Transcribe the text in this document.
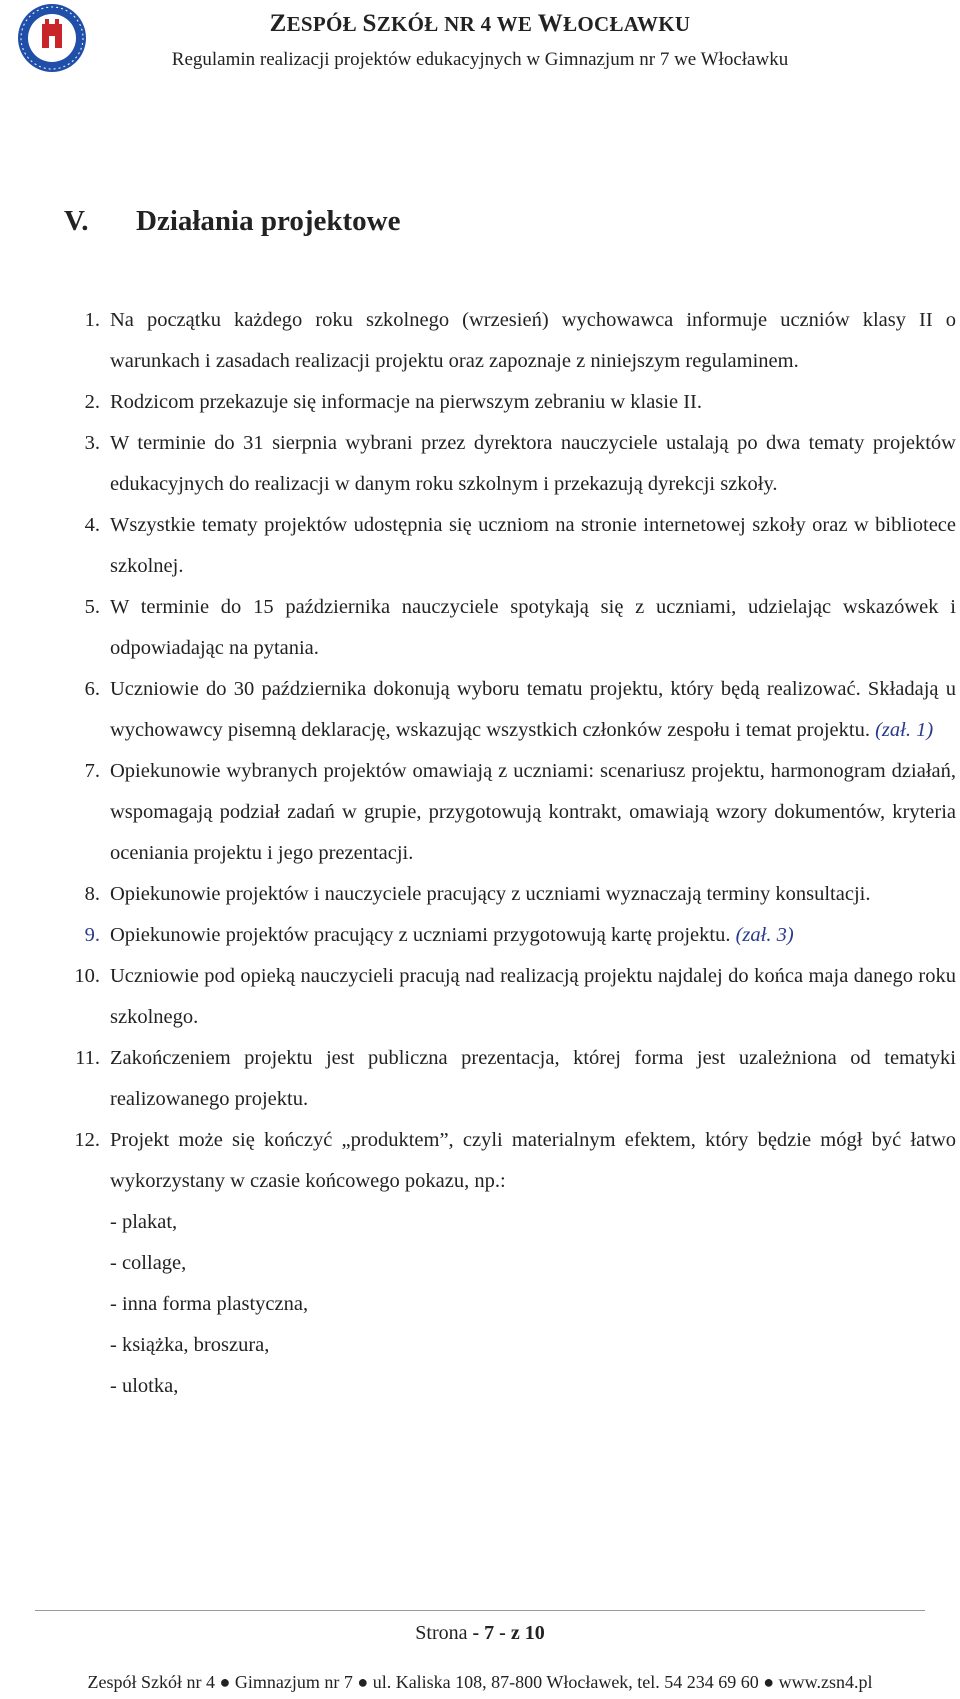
ZESPÓŁ SZKÓŁ NR 4 WE WŁOCŁAWKU
Regulamin realizacji projektów edukacyjnych w Gimnazjum nr 7 we Włocławku
V. Działania projektowe
1. Na początku każdego roku szkolnego (wrzesień) wychowawca informuje uczniów klasy II o warunkach i zasadach realizacji projektu oraz zapoznaje z niniejszym regulaminem.
2. Rodzicom przekazuje się informacje na pierwszym zebraniu w klasie II.
3. W terminie do 31 sierpnia wybrani przez dyrektora nauczyciele ustalają po dwa tematy projektów edukacyjnych do realizacji w danym roku szkolnym i przekazują dyrekcji szkoły.
4. Wszystkie tematy projektów udostępnia się uczniom na stronie internetowej szkoły oraz w bibliotece szkolnej.
5. W terminie do 15 października nauczyciele spotykają się z uczniami, udzielając wskazówek i odpowiadając na pytania.
6. Uczniowie do 30 października dokonują wyboru tematu projektu, który będą realizować. Składają u wychowawcy pisemną deklarację, wskazując wszystkich członków zespołu i temat projektu. (zał. 1)
7. Opiekunowie wybranych projektów omawiają z uczniami: scenariusz projektu, harmonogram działań, wspomagają podział zadań w grupie, przygotowują kontrakt, omawiają wzory dokumentów, kryteria oceniania projektu i jego prezentacji.
8. Opiekunowie projektów i nauczyciele pracujący z uczniami wyznaczają terminy konsultacji.
9. Opiekunowie projektów pracujący z uczniami przygotowują kartę projektu. (zał. 3)
10. Uczniowie pod opieką nauczycieli pracują nad realizacją projektu najdalej do końca maja danego roku szkolnego.
11. Zakończeniem projektu jest publiczna prezentacja, której forma jest uzależniona od tematyki realizowanego projektu.
12. Projekt może się kończyć „produktem”, czyli materialnym efektem, który będzie mógł być łatwo wykorzystany w czasie końcowego pokazu, np.:

- plakat,
- collage,
- inna forma plastyczna,
- książka, broszura,
- ulotka,
Strona - 7 - z 10
Zespół Szkół nr 4 ● Gimnazjum nr 7 ● ul. Kaliska 108, 87-800 Włocławek, tel. 54 234 69 60 ● www.zsn4.pl
